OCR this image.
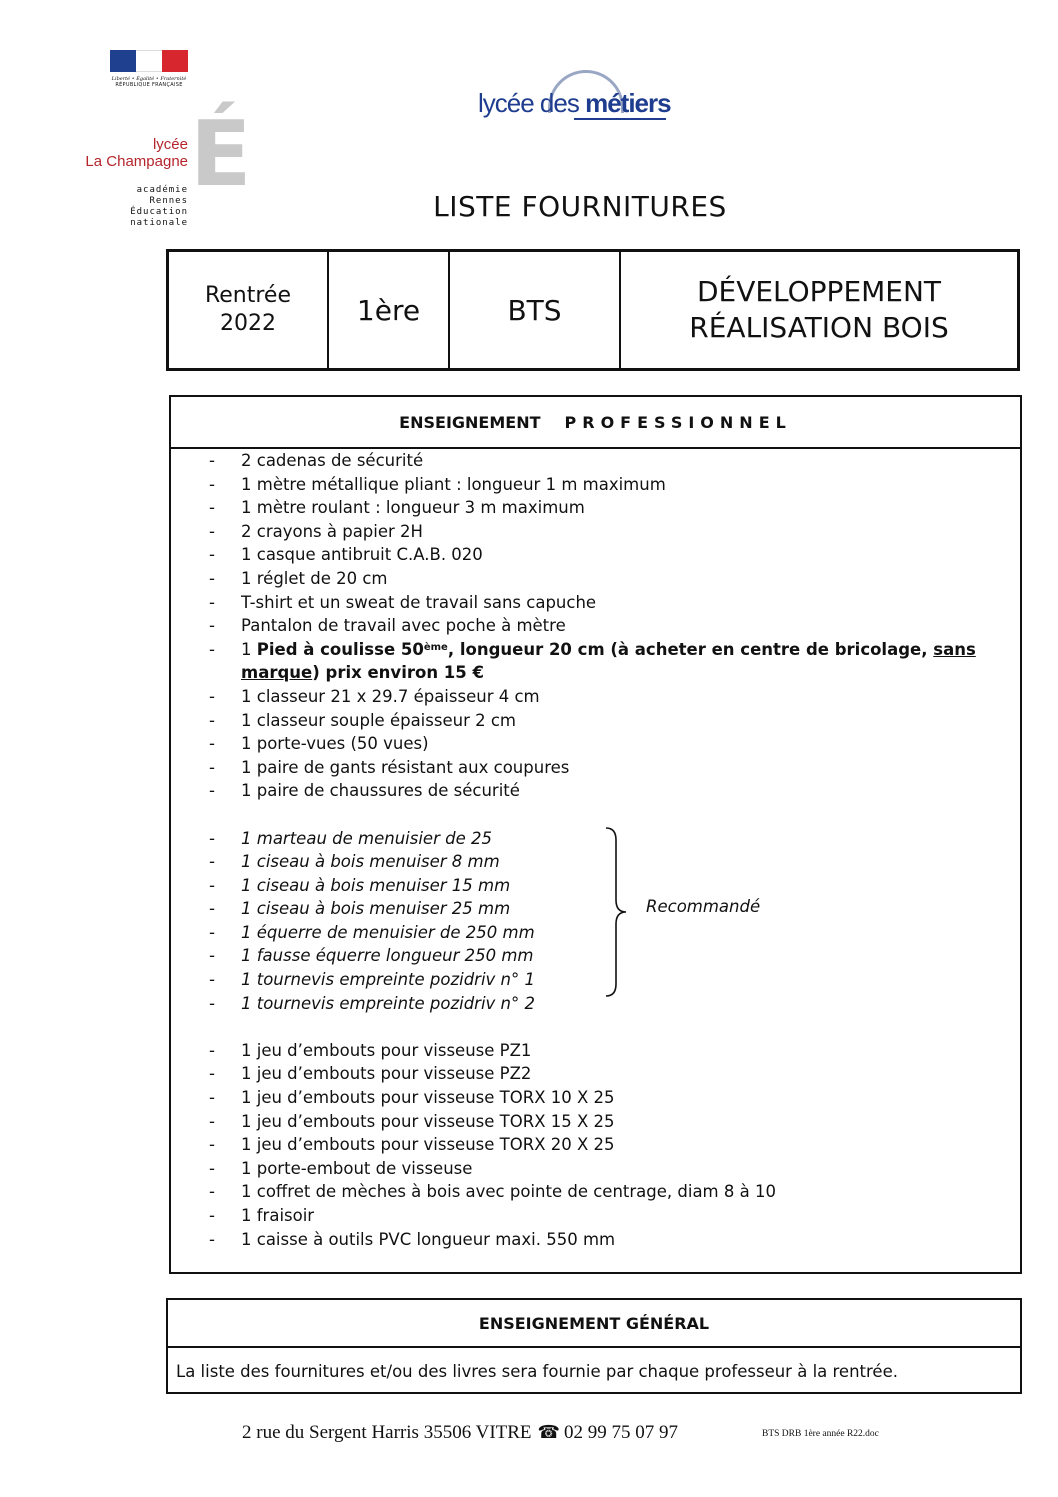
Liberté • Égalité • Fraternité
RÉPUBLIQUE FRANÇAISE
É
lycée
La Champagne
académie
Rennes
Éducation
nationale
lycée des métiers
LISTE FOURNITURES
Rentrée
2022	1ère	BTS
DÉVELOPPEMENT
RÉALISATION BOIS
ENSEIGNEMENT PROFESSIONNEL
- 2 cadenas de sécurité
- 1 mètre métallique pliant : longueur 1 m maximum
- 1 mètre roulant : longueur 3 m maximum
- 2 crayons à papier 2H
- 1 casque antibruit C.A.B. 020
- 1 réglet de 20 cm
- T-shirt et un sweat de travail sans capuche
- Pantalon de travail avec poche à mètre
- 1 Pied à coulisse 50ème, longueur 20 cm (à acheter en centre de bricolage, sans marque) prix environ 15 €
- 1 classeur 21 x 29.7 épaisseur 4 cm
- 1 classeur souple épaisseur 2 cm
- 1 porte-vues (50 vues)
- 1 paire de gants résistant aux coupures
- 1 paire de chaussures de sécurité
- 1 marteau de menuisier de 25
- 1 ciseau à bois menuiser 8 mm
- 1 ciseau à bois menuiser 15 mm
- 1 ciseau à bois menuiser 25 mm
- 1 équerre de menuisier de 250 mm
- 1 fausse équerre longueur 250 mm
- 1 tournevis empreinte pozidriv n° 1
- 1 tournevis empreinte pozidriv n° 2
- 1 jeu d’embouts pour visseuse PZ1
- 1 jeu d’embouts pour visseuse PZ2
- 1 jeu d’embouts pour visseuse TORX 10 X 25
- 1 jeu d’embouts pour visseuse TORX 15 X 25
- 1 jeu d’embouts pour visseuse TORX 20 X 25
- 1 porte-embout de visseuse
- 1 coffret de mèches à bois avec pointe de centrage, diam 8 à 10
- 1 fraisoir
- 1 caisse à outils PVC longueur maxi. 550 mm
Recommandé
ENSEIGNEMENT GÉNÉRAL
La liste des fournitures et/ou des livres sera fournie par chaque professeur à la rentrée.
2 rue du Sergent Harris 35506 VITRE ☎ 02 99 75 07 97	BTS DRB 1ère année R22.doc
